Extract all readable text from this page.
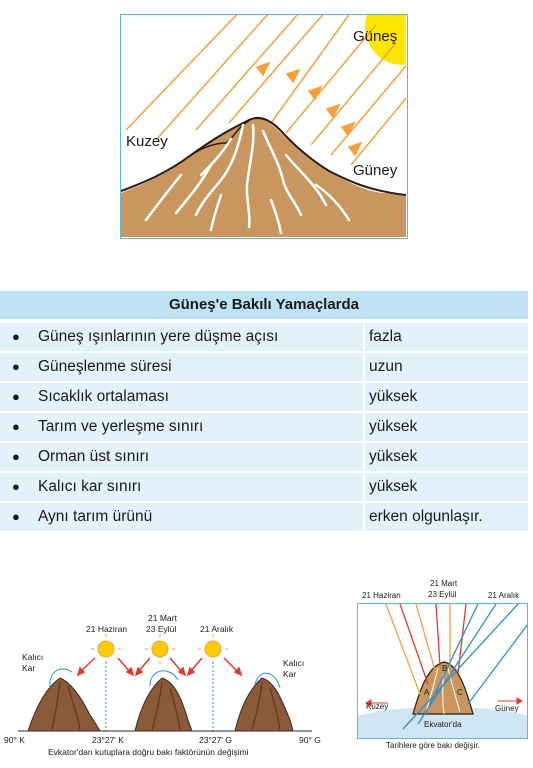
Güneş
Kuzey
Güney
Güneş'e Bakılı Yamaçlarda
● Güneş ışınlarının yere düşme açısı	fazla
● Güneşlenme süresi	uzun
● Sıcaklık ortalaması	yüksek
● Tarım ve yerleşme sınırı	yüksek
● Orman üst sınırı	yüksek
● Kalıcı kar sınırı	yüksek
● Aynı tarım ürünü	erken olgunlaşır.
21 Haziran
21 Mart
23 Eylül	21 Aralık
Kalıcı
Kar	Kalıcı
Kar
90° K	23°27' K	23°27' G	90° G
Evkator'dan kutuplara doğru bakı faktörünün değişimi
A
B
C
Kuzey	Güney
Ekvator'da
21 Mart
23 Eylül
21 Haziran	21 Aralık
Tarihlere göre bakı değişir.
